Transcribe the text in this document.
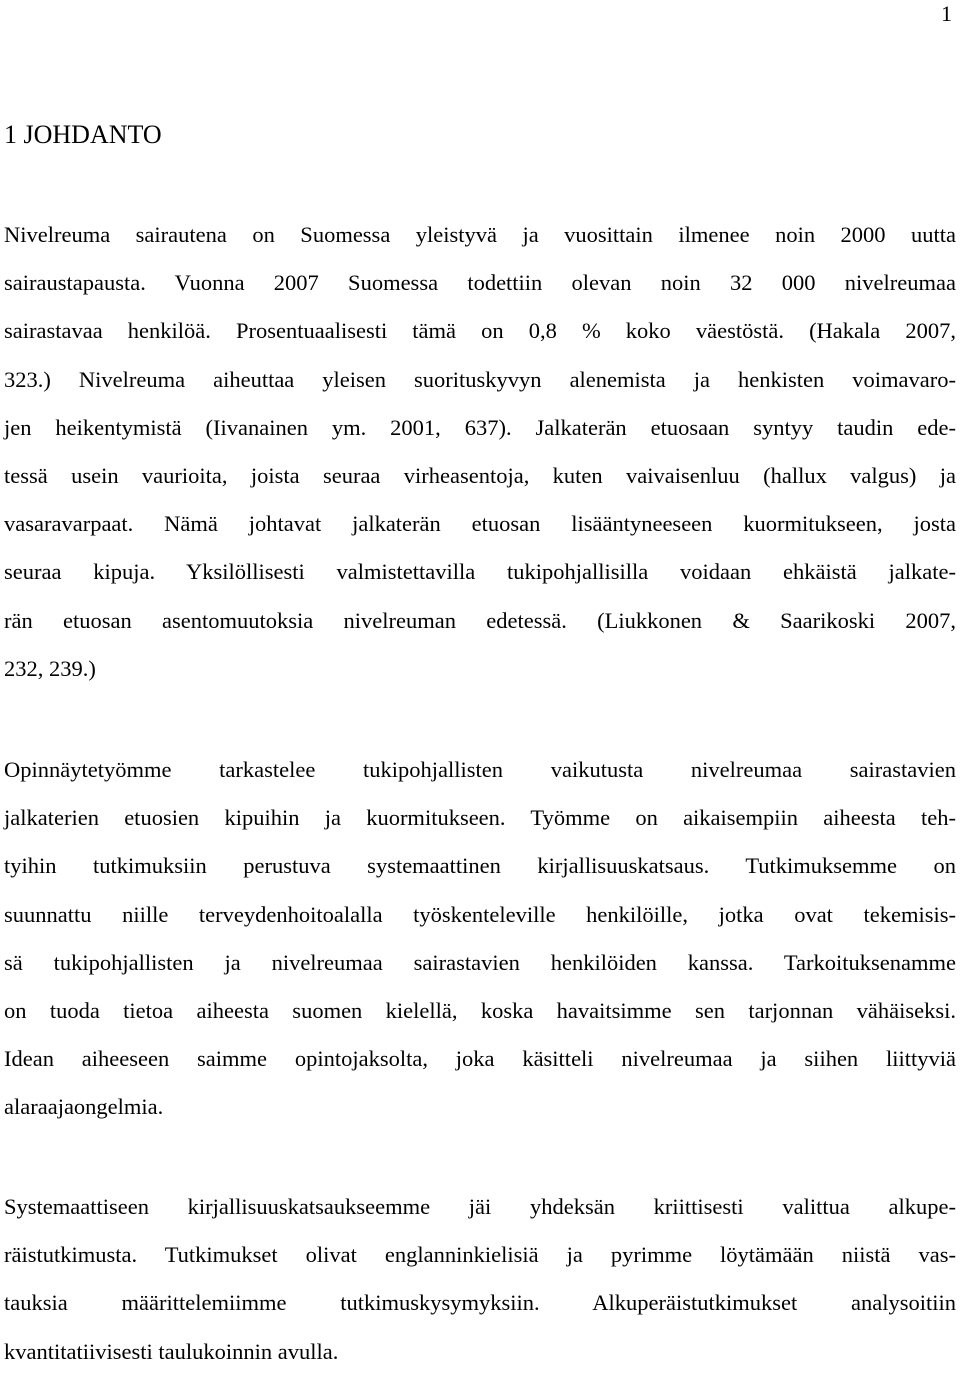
1
1 JOHDANTO
Nivelreuma sairautena on Suomessa yleistyvä ja vuosittain ilmenee noin 2000 uutta
sairaustapausta. Vuonna 2007 Suomessa todettiin olevan noin 32 000 nivelreumaa
sairastavaa henkilöä. Prosentuaalisesti tämä on 0,8 % koko väestöstä. (Hakala 2007,
323.) Nivelreuma aiheuttaa yleisen suorituskyvyn alenemista ja henkisten voimavaro-
jen heikentymistä (Iivanainen ym. 2001, 637). Jalkaterän etuosaan syntyy taudin ede-
tessä usein vaurioita, joista seuraa virheasentoja, kuten vaivaisenluu (hallux valgus) ja
vasaravarpaat. Nämä johtavat jalkaterän etuosan lisääntyneeseen kuormitukseen, josta
seuraa kipuja. Yksilöllisesti valmistettavilla tukipohjallisilla voidaan ehkäistä jalkate-
rän etuosan asentomuutoksia nivelreuman edetessä. (Liukkonen & Saarikoski 2007,
232, 239.)
Opinnäytetyömme tarkastelee tukipohjallisten vaikutusta nivelreumaa sairastavien
jalkaterien etuosien kipuihin ja kuormitukseen. Työmme on aikaisempiin aiheesta teh-
tyihin tutkimuksiin perustuva systemaattinen kirjallisuuskatsaus. Tutkimuksemme on
suunnattu niille terveydenhoitoalalla työskenteleville henkilöille, jotka ovat tekemisis-
sä tukipohjallisten ja nivelreumaa sairastavien henkilöiden kanssa. Tarkoituksenamme
on tuoda tietoa aiheesta suomen kielellä, koska havaitsimme sen tarjonnan vähäiseksi.
Idean aiheeseen saimme opintojaksolta, joka käsitteli nivelreumaa ja siihen liittyviä
alaraajaongelmia.
Systemaattiseen kirjallisuuskatsaukseemme jäi yhdeksän kriittisesti valittua alkupe-
räistutkimusta. Tutkimukset olivat englanninkielisiä ja pyrimme löytämään niistä vas-
tauksia määrittelemiimme tutkimuskysymyksiin. Alkuperäistutkimukset analysoitiin
kvantitatiivisesti taulukoinnin avulla.
